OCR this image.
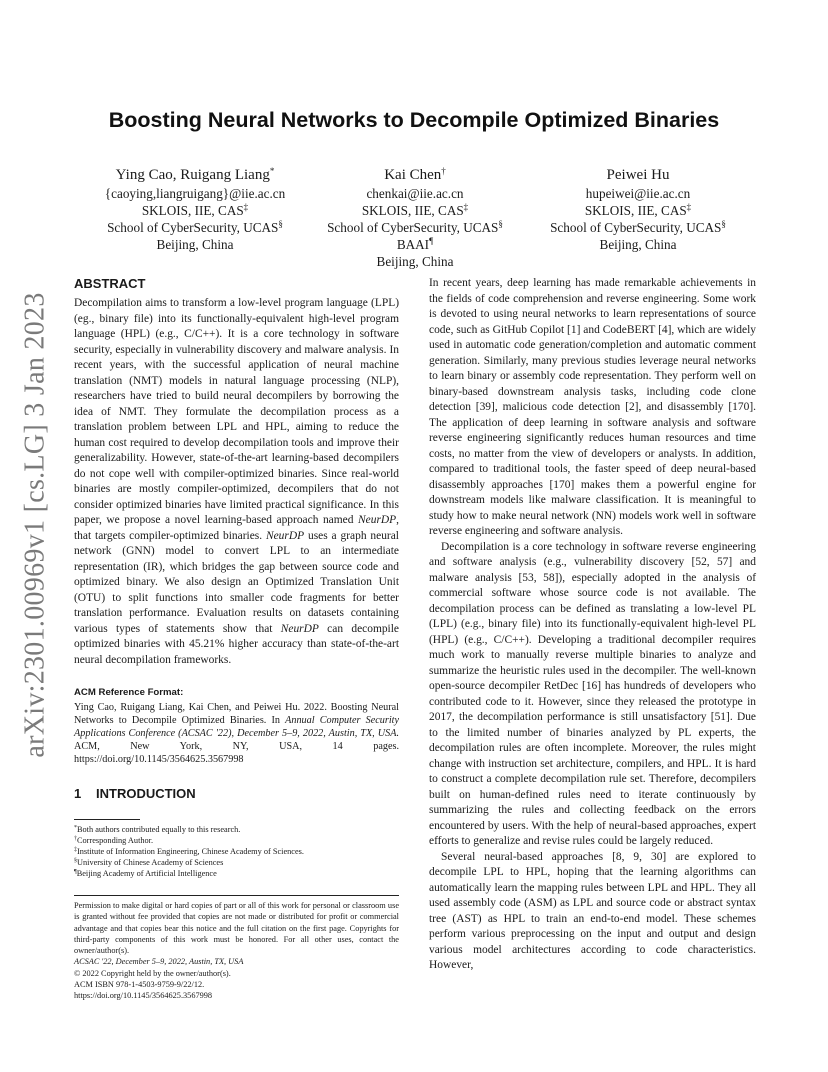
arXiv:2301.00969v1 [cs.LG] 3 Jan 2023
Boosting Neural Networks to Decompile Optimized Binaries
Ying Cao, Ruigang Liang*
{caoying,liangruigang}@iie.ac.cn
SKLOIS, IIE, CAS‡
School of CyberSecurity, UCAS§
Beijing, China
Kai Chen†
chenkai@iie.ac.cn
SKLOIS, IIE, CAS‡
School of CyberSecurity, UCAS§
BAAI¶
Beijing, China
Peiwei Hu
hupeiwei@iie.ac.cn
SKLOIS, IIE, CAS‡
School of CyberSecurity, UCAS§
Beijing, China
ABSTRACT

Decompilation aims to transform a low-level program language (LPL) (eg., binary file) into its functionally-equivalent high-level program language (HPL) (e.g., C/C++). It is a core technology in software security, especially in vulnerability discovery and malware analysis. In recent years, with the successful application of neural machine translation (NMT) models in natural language processing (NLP), researchers have tried to build neural decompilers by borrowing the idea of NMT. They formulate the decompilation process as a translation problem between LPL and HPL, aiming to reduce the human cost required to develop decompilation tools and improve their generalizability. However, state-of-the-art learning-based decompilers do not cope well with compiler-optimized binaries. Since real-world binaries are mostly compiler-optimized, decompilers that do not consider optimized binaries have limited practical significance. In this paper, we propose a novel learning-based approach named NeurDP, that targets compiler-optimized binaries. NeurDP uses a graph neural network (GNN) model to convert LPL to an intermediate representation (IR), which bridges the gap between source code and optimized binary. We also design an Optimized Translation Unit (OTU) to split functions into smaller code fragments for better translation performance. Evaluation results on datasets containing various types of statements show that NeurDP can decompile optimized binaries with 45.21% higher accuracy than state-of-the-art neural decompilation frameworks.

ACM Reference Format:
Ying Cao, Ruigang Liang, Kai Chen, and Peiwei Hu. 2022. Boosting Neural Networks to Decompile Optimized Binaries. In Annual Computer Security Applications Conference (ACSAC '22), December 5–9, 2022, Austin, TX, USA. ACM, New York, NY, USA, 14 pages. https://doi.org/10.1145/3564625.3567998
1 INTRODUCTION

*Both authors contributed equally to this research.

†Corresponding Author.

‡Institute of Information Engineering, Chinese Academy of Sciences.

§University of Chinese Academy of Sciences

¶Beijing Academy of Artificial Intelligence

Permission to make digital or hard copies of part or all of this work for personal or classroom use is granted without fee provided that copies are not made or distributed for profit or commercial advantage and that copies bear this notice and the full citation on the first page. Copyrights for third-party components of this work must be honored. For all other uses, contact the owner/author(s).
ACSAC '22, December 5–9, 2022, Austin, TX, USA
© 2022 Copyright held by the owner/author(s).
ACM ISBN 978-1-4503-9759-9/22/12.
https://doi.org/10.1145/3564625.3567998

In recent years, deep learning has made remarkable achievements in the fields of code comprehension and reverse engineering. Some work is devoted to using neural networks to learn representations of source code, such as GitHub Copilot [1] and CodeBERT [4], which are widely used in automatic code generation/completion and automatic comment generation. Similarly, many previous studies leverage neural networks to learn binary or assembly code representation. They perform well on binary-based downstream analysis tasks, including code clone detection [39], malicious code detection [2], and disassembly [170]. The application of deep learning in software analysis and software reverse engineering significantly reduces human resources and time costs, no matter from the view of developers or analysts. In addition, compared to traditional tools, the faster speed of deep neural-based disassembly approaches [170] makes them a powerful engine for downstream models like malware classification. It is meaningful to study how to make neural network (NN) models work well in software reverse engineering and software analysis.

Decompilation is a core technology in software reverse engineering and software analysis (e.g., vulnerability discovery [52, 57] and malware analysis [53, 58]), especially adopted in the analysis of commercial software whose source code is not available. The decompilation process can be defined as translating a low-level PL (LPL) (e.g., binary file) into its functionally-equivalent high-level PL (HPL) (e.g., C/C++). Developing a traditional decompiler requires much work to manually reverse multiple binaries to analyze and summarize the heuristic rules used in the decompiler. The well-known open-source decompiler RetDec [16] has hundreds of developers who contributed code to it. However, since they released the prototype in 2017, the decompilation performance is still unsatisfactory [51]. Due to the limited number of binaries analyzed by PL experts, the decompilation rules are often incomplete. Moreover, the rules might change with instruction set architecture, compilers, and HPL. It is hard to construct a complete decompilation rule set. Therefore, decompilers built on human-defined rules need to iterate continuously by summarizing the rules and collecting feedback on the errors encountered by users. With the help of neural-based approaches, expert efforts to generalize and revise rules could be largely reduced.

Several neural-based approaches [8, 9, 30] are explored to decompile LPL to HPL, hoping that the learning algorithms can automatically learn the mapping rules between LPL and HPL. They all used assembly code (ASM) as LPL and source code or abstract syntax tree (AST) as HPL to train an end-to-end model. These schemes perform various preprocessing on the input and output and design various model architectures according to code characteristics. However,
